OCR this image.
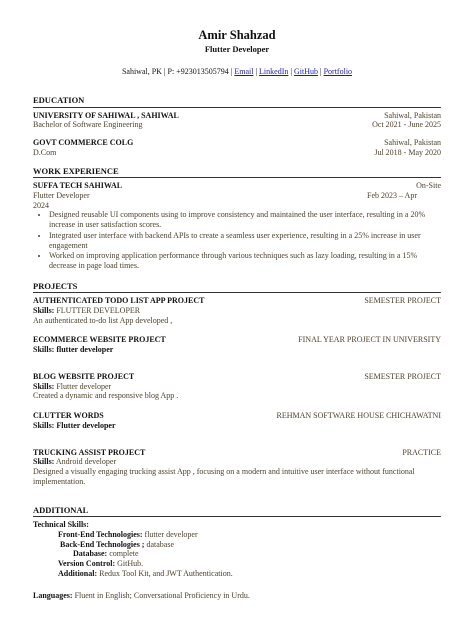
Amir Shahzad
Flutter Developer
Sahiwal, PK | P: +923013505794 | Email | LinkedIn | GitHub | Portfolio
EDUCATION
UNIVERSITY OF SAHIWAL , SAHIWAL	Sahiwal, Pakistan
Bachelor of Software Engineering	Oct 2021 - June 2025
GOVT COMMERCE COLG	Sahiwal, Pakistan
D.Com	Jul 2018 - May 2020
WORK EXPERIENCE
SUFFA TECH SAHIWAL	On-Site
Flutter Developer	Feb 2023 – Apr
2024
• Designed reusable UI components using to improve consistency and maintained the user interface, resulting in a 20% increase in user satisfaction scores.
• Integrated user interface with backend APIs to create a seamless user experience, resulting in a 25% increase in user engagement
• Worked on improving application performance through various techniques such as lazy loading, resulting in a 15% decrease in page load times.
PROJECTS
AUTHENTICATED TODO LIST APP PROJECT	SEMESTER PROJECT
Skills: FLUTTER DEVELOPER
An authenticated to-do list App developed ,
ECOMMERCE WEBSITE PROJECT	FINAL YEAR PROJECT IN UNIVERSITY
Skills: flutter developer
BLOG WEBSITE PROJECT	SEMESTER PROJECT
Skills: Flutter developer
Created a dynamic and responsive blog App .
CLUTTER WORDS	REHMAN SOFTWARE HOUSE CHICHAWATNI
Skills: Flutter developer
TRUCKING ASSIST PROJECT	PRACTICE
Skills: Android developer
Designed a visually engaging trucking assist App , focusing on a modern and intuitive user interface without functional implementation.
ADDITIONAL
Technical Skills:
Front-End Technologies: flutter developer
Back-End Technologies ; database
Database: complete
Version Control: GitHub.
Additional: Redux Tool Kit, and JWT Authentication.
Languages: Fluent in English; Conversational Proficiency in Urdu.
